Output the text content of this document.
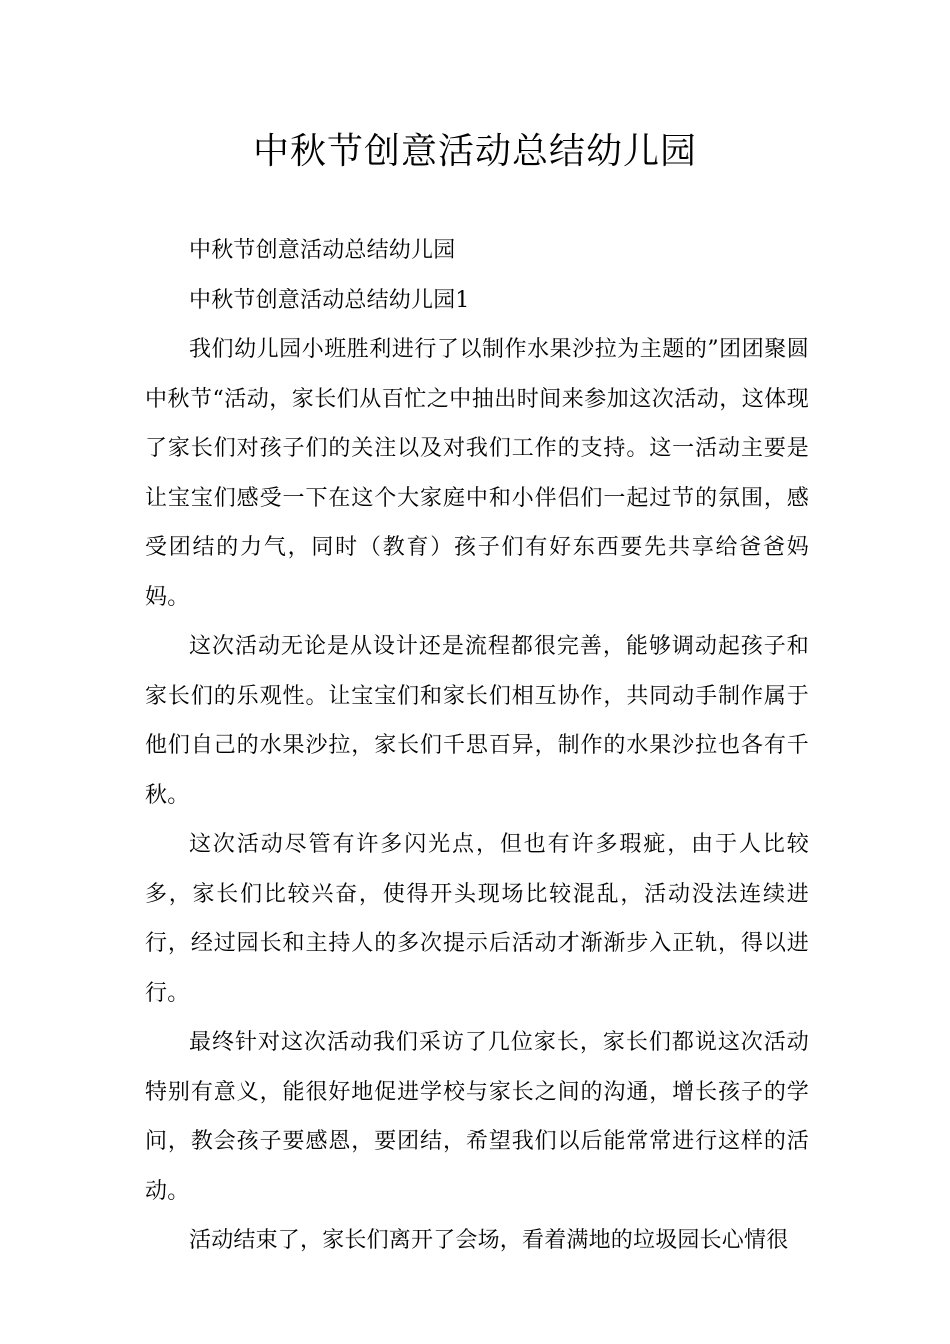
中秋节创意活动总结幼儿园

中秋节创意活动总结幼儿园

中秋节创意活动总结幼儿园1

我们幼儿园小班胜利进行了以制作水果沙拉为主题的”团团聚圆中秋节“活动，家长们从百忙之中抽出时间来参加这次活动，这体现了家长们对孩子们的关注以及对我们工作的支持。这一活动主要是让宝宝们感受一下在这个大家庭中和小伴侣们一起过节的氛围，感受团结的力气，同时（教育）孩子们有好东西要先共享给爸爸妈妈。

这次活动无论是从设计还是流程都很完善，能够调动起孩子和家长们的乐观性。让宝宝们和家长们相互协作，共同动手制作属于他们自己的水果沙拉，家长们千思百异，制作的水果沙拉也各有千秋。

这次活动尽管有许多闪光点，但也有许多瑕疵，由于人比较多，家长们比较兴奋，使得开头现场比较混乱，活动没法连续进行，经过园长和主持人的多次提示后活动才渐渐步入正轨，得以进行。

最终针对这次活动我们采访了几位家长，家长们都说这次活动特别有意义，能很好地促进学校与家长之间的沟通，增长孩子的学问，教会孩子要感恩，要团结，希望我们以后能常常进行这样的活动。

活动结束了，家长们离开了会场，看着满地的垃圾园长心情很
